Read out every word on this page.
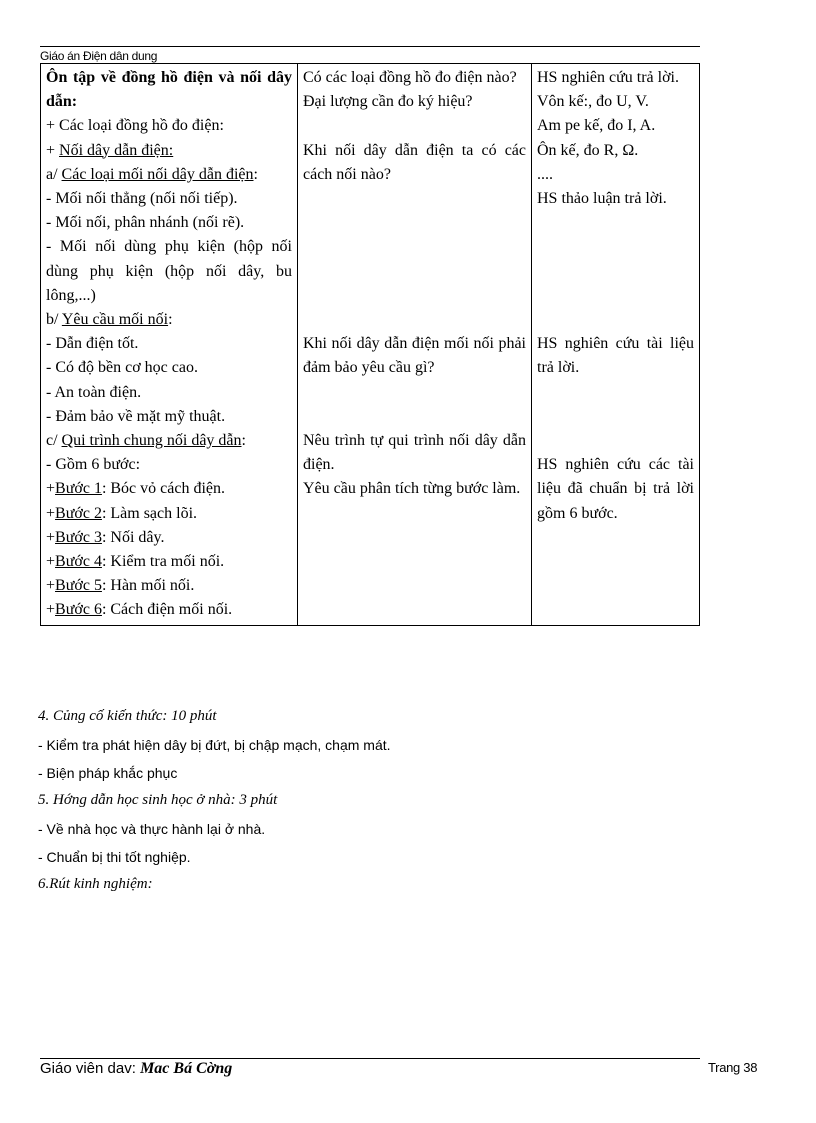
Giáo án Điện dân dung
Ôn tập về đồng hồ điện và nối dây dẫn:
+ Các loại đồng hồ đo điện:
+ Nối dây dẫn điện:
a/ Các loại mối nối dây dẫn điện:
- Mối nối thẳng (nối nối tiếp).
- Mối nối, phân nhánh (nối rẽ).
- Mối nối dùng phụ kiện (hộp nối dùng phụ kiện (hộp nối dây, bu lông,...)
b/ Yêu cầu mối nối:
- Dẫn điện tốt.
- Có độ bền cơ học cao.
- An toàn điện.
- Đảm bảo về mặt mỹ thuật.
c/ Qui trình chung nối dây dẫn:
- Gồm 6 bước:
+Bước 1: Bóc vỏ cách điện.
+Bước 2: Làm sạch lõi.
+Bước 3: Nối dây.
+Bước 4: Kiểm tra mối nối.
+Bước 5: Hàn mối nối.
+Bước 6: Cách điện mối nối.

Có các loại đồng hồ đo điện nào?
Đại lượng cần đo ký hiệu?
Khi nối dây dẫn điện ta có các cách nối nào?
Khi nối dây dẫn điện mối nối phải đảm bảo yêu cầu gì?
Nêu trình tự qui trình nối dây dẫn điện.
Yêu cầu phân tích từng bước làm.

HS nghiên cứu trả lời.
Vôn kế:, đo U, V.
Am pe kế, đo I, A.
Ôn kế, đo R, Ω.
....
HS thảo luận trả lời.
HS nghiên cứu tài liệu trả lời.
HS nghiên cứu các tài liệu đã chuẩn bị trả lời gồm 6 bước.
4. Củng cố kiến thức: 10 phút
- Kiểm tra phát hiện dây bị đứt, bị chập mạch, chạm mát.
- Biện pháp khắc phục
5. Hớng dẫn học sinh học ở nhà: 3 phút
- Về nhà học và thực hành lại ở nhà.
- Chuẩn bị thi tốt nghiệp.
6.Rút kinh nghiệm:
Giáo viên dav: Mac Bá Cờng	Trang 38
